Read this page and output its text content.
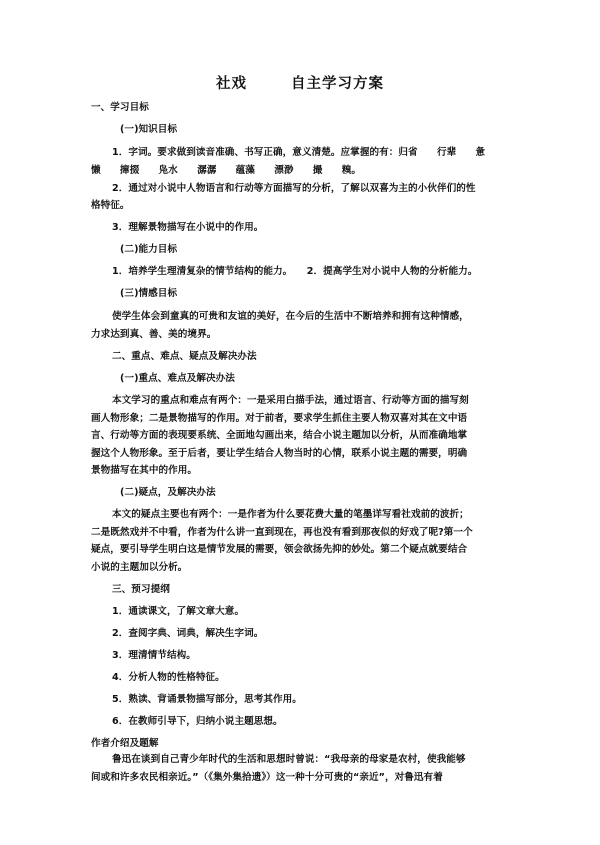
社戏	自主学习方案
一、学习目标
(一)知识目标
1．字词。要求做到读音准确、书写正确，意义清楚。应掌握的有：归省　　行辈　　惫
懒　　撺掇　　凫水　　潺潺　　蕴藻　　漂渺　　撮　　糗。
2．通过对小说中人物语言和行动等方面描写的分析，了解以双喜为主的小伙伴们的性
格特征。
3．理解景物描写在小说中的作用。
(二)能力目标
1．培养学生理清复杂的情节结构的能力。　　2．提高学生对小说中人物的分析能力。
(三)情感目标
使学生体会到童真的可贵和友谊的美好，在今后的生活中不断培养和拥有这种情感，
力求达到真、善、美的境界。
二、重点、难点、疑点及解决办法
(一)重点、难点及解决办法
本文学习的重点和难点有两个：一是采用白描手法，通过语言、行动等方面的描写刻
画人物形象；二是景物描写的作用。对于前者，要求学生抓住主要人物双喜对其在文中语
言、行动等方面的表现要系统、全面地勾画出来，结合小说主题加以分析，从而准确地掌
握这个人物形象。至于后者，要让学生结合人物当时的心情，联系小说主题的需要，明确
景物描写在其中的作用。
(二)疑点，及解决办法
本文的疑点主要也有两个：一是作者为什么要花费大量的笔墨详写看社戏前的波折；
二是既然戏并不中看，作者为什么讲一直到现在，再也没有看到那夜似的好戏了呢?第一个
疑点，要引导学生明白这是情节发展的需要，领会欲扬先抑的妙处。第二个疑点就要结合
小说的主题加以分析。
三、预习提纲
1．通读课文，了解文章大意。
2．查阅字典、词典，解决生字词。
3．理清情节结构。
4．分析人物的性格特征。
5．熟读、背诵景物描写部分，思考其作用。
6．在教师引导下，归纳小说主题思想。
作者介绍及题解
鲁迅在谈到自己青少年时代的生活和思想时曾说：“我母亲的母家是农村，使我能够
间或和许多农民相亲近。”（《集外集拾遗》）这一种十分可贵的“亲近”，对鲁迅有着
